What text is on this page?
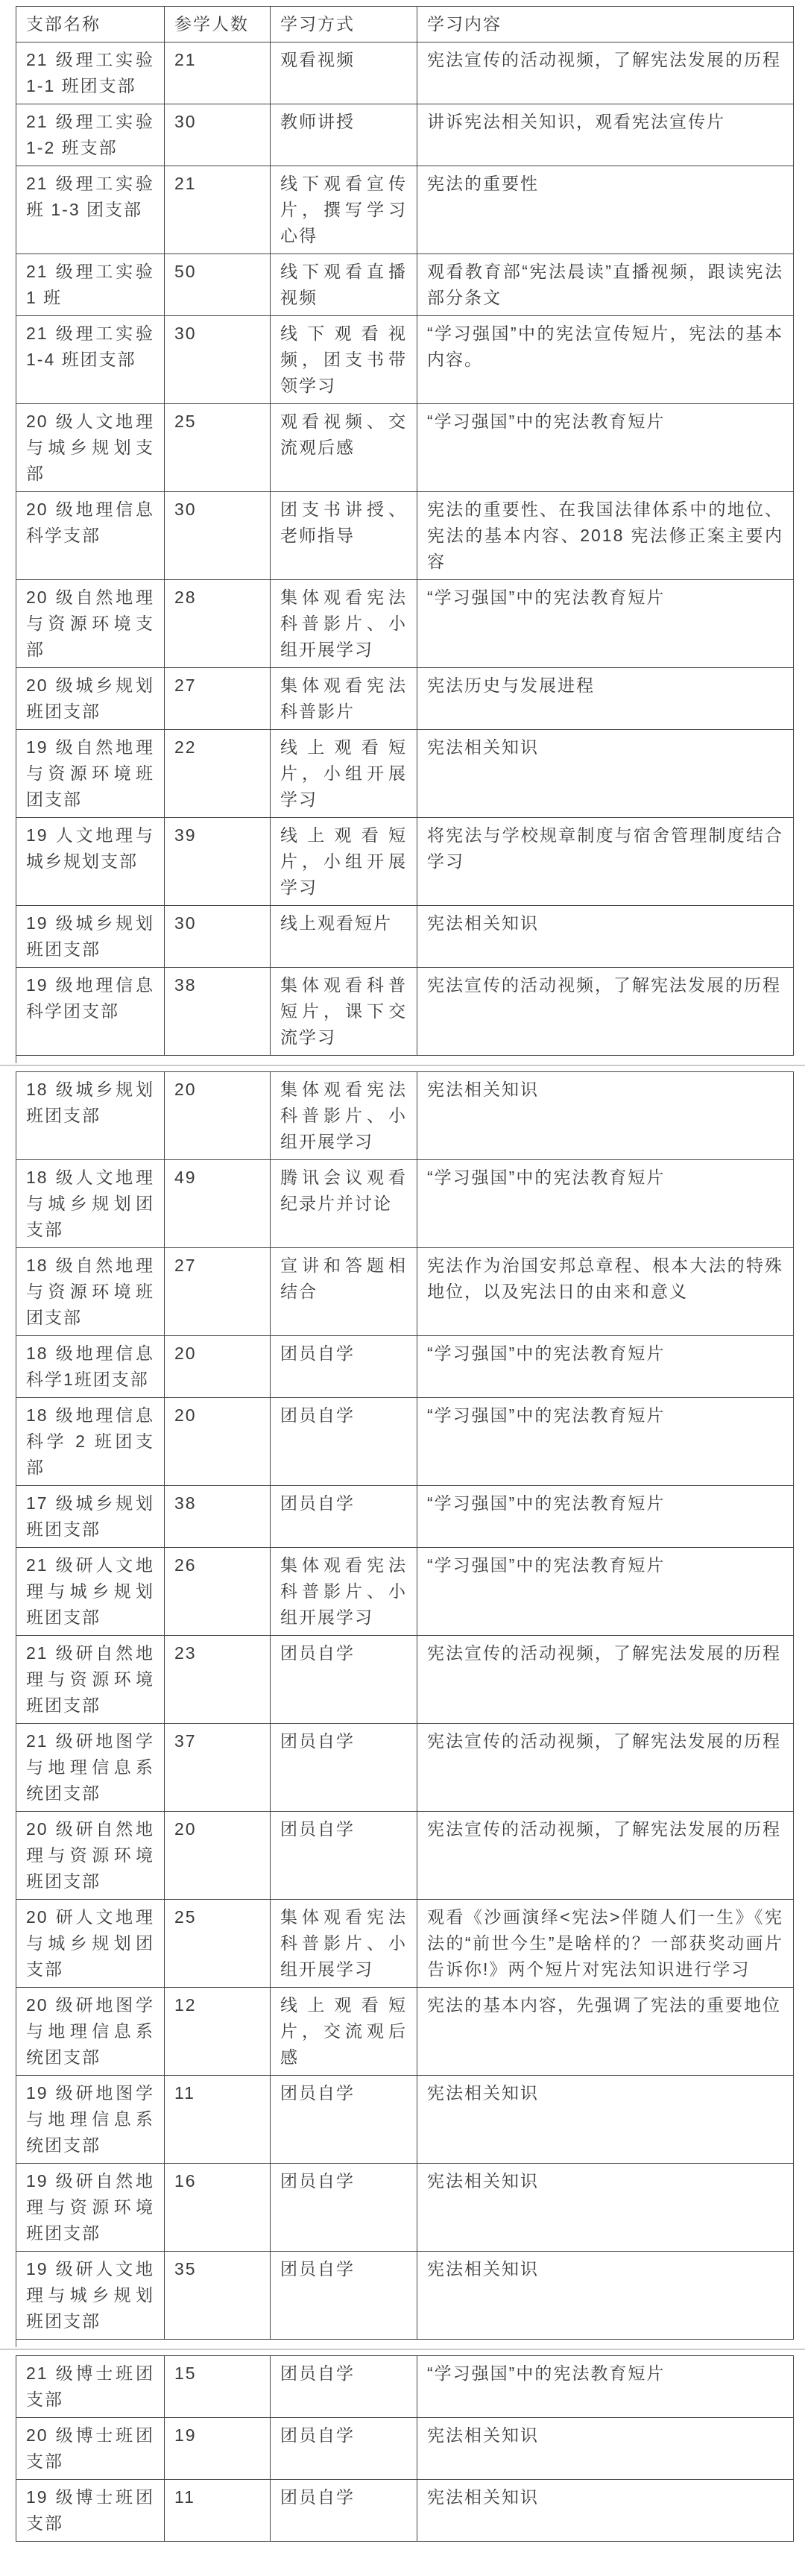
支部名称	参学人数	学习方式	学习内容
21 级理工实验 1-1 班团支部	21	观看视频	宪法宣传的活动视频，了解宪法发展的历程
21 级理工实验 1-2 班支部	30	教师讲授	讲诉宪法相关知识，观看宪法宣传片
21 级理工实验班 1-3 团支部	21	线下观看宣传片，撰写学习心得	宪法的重要性
21 级理工实验 1 班	50	线下观看直播视频	观看教育部“宪法晨读”直播视频，跟读宪法部分条文
21 级理工实验 1-4 班团支部	30	线下观看视频，团支书带领学习	“学习强国”中的宪法宣传短片，宪法的基本内容。
20 级人文地理与城乡规划支部	25	观看视频、交流观后感	“学习强国”中的宪法教育短片
20 级地理信息科学支部	30	团支书讲授、老师指导	宪法的重要性、在我国法律体系中的地位、宪法的基本内容、2018 宪法修正案主要内容
20 级自然地理与资源环境支部	28	集体观看宪法科普影片、小组开展学习	“学习强国”中的宪法教育短片
20 级城乡规划班团支部	27	集体观看宪法科普影片	宪法历史与发展进程
19 级自然地理与资源环境班团支部	22	线上观看短片，小组开展学习	宪法相关知识
19 人文地理与城乡规划支部	39	线上观看短片，小组开展学习	将宪法与学校规章制度与宿舍管理制度结合学习
19 级城乡规划班团支部	30	线上观看短片	宪法相关知识
19 级地理信息科学团支部	38	集体观看科普短片，课下交流学习	宪法宣传的活动视频，了解宪法发展的历程
18 级城乡规划班团支部	20	集体观看宪法科普影片、小组开展学习	宪法相关知识
18 级人文地理与城乡规划团支部	49	腾讯会议观看纪录片并讨论	“学习强国”中的宪法教育短片
18 级自然地理与资源环境班团支部	27	宣讲和答题相结合	宪法作为治国安邦总章程、根本大法的特殊地位，以及宪法日的由来和意义
18 级地理信息科学1班团支部	20	团员自学	“学习强国”中的宪法教育短片
18 级地理信息科学 2 班团支部	20	团员自学	“学习强国”中的宪法教育短片
17 级城乡规划班团支部	38	团员自学	“学习强国”中的宪法教育短片
21 级研人文地理与城乡规划班团支部	26	集体观看宪法科普影片、小组开展学习	“学习强国”中的宪法教育短片
21 级研自然地理与资源环境班团支部	23	团员自学	宪法宣传的活动视频，了解宪法发展的历程
21 级研地图学与地理信息系统团支部	37	团员自学	宪法宣传的活动视频，了解宪法发展的历程
20 级研自然地理与资源环境班团支部	20	团员自学	宪法宣传的活动视频，了解宪法发展的历程
20 研人文地理与城乡规划团支部	25	集体观看宪法科普影片、小组开展学习	观看《沙画演绎<宪法>伴随人们一生》《宪法的“前世今生”是啥样的？一部获奖动画片告诉你!》两个短片对宪法知识进行学习
20 级研地图学与地理信息系统团支部	12	线上观看短片，交流观后感	宪法的基本内容，先强调了宪法的重要地位
19 级研地图学与地理信息系统团支部	11	团员自学	宪法相关知识
19 级研自然地理与资源环境班团支部	16	团员自学	宪法相关知识
19 级研人文地理与城乡规划班团支部	35	团员自学	宪法相关知识
21 级博士班团支部	15	团员自学	“学习强国”中的宪法教育短片
20 级博士班团支部	19	团员自学	宪法相关知识
19 级博士班团支部	11	团员自学	宪法相关知识
